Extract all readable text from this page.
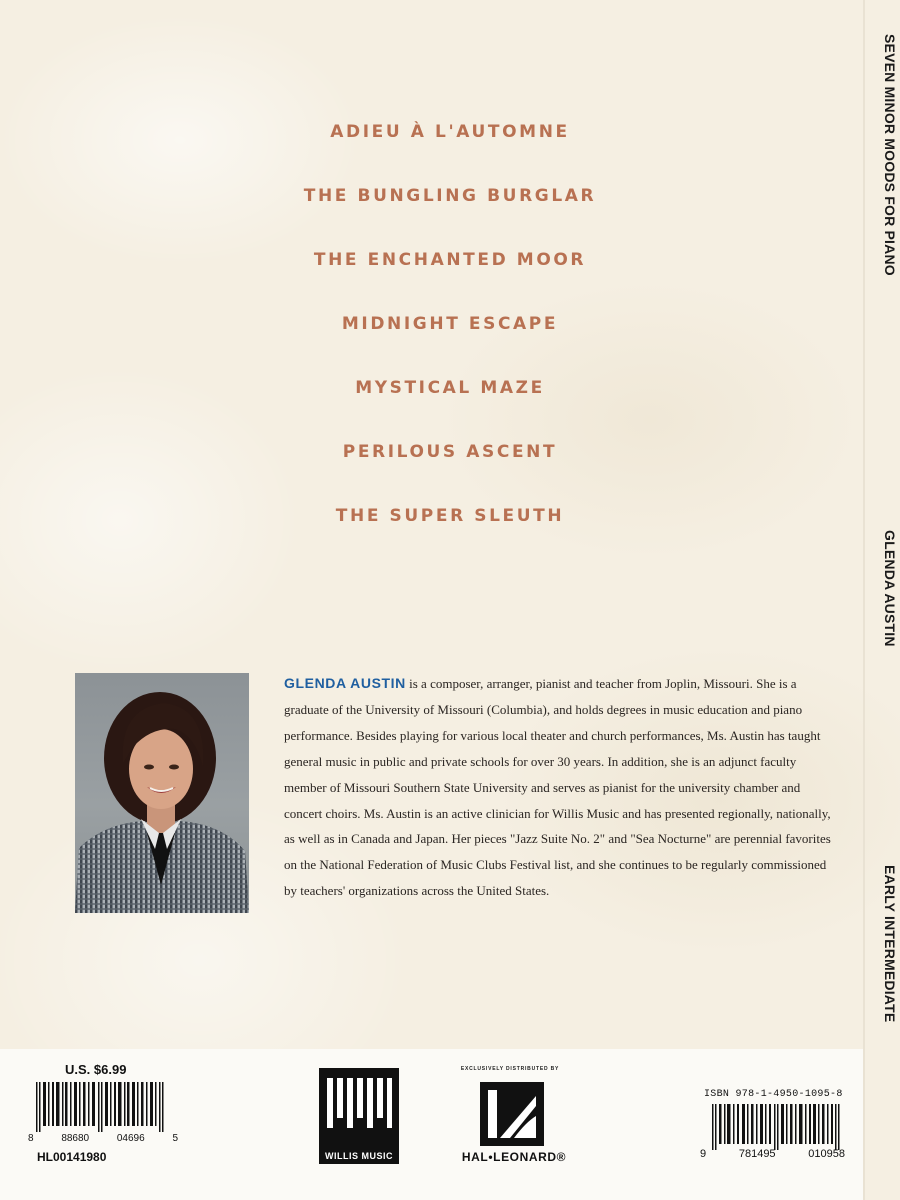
SEVEN MINOR MOODS FOR PIANO
GLENDA AUSTIN
EARLY INTERMEDIATE
ADIEU À L'AUTOMNE
THE BUNGLING BURGLAR
THE ENCHANTED MOOR
MIDNIGHT ESCAPE
MYSTICAL MAZE
PERILOUS ASCENT
THE SUPER SLEUTH
GLENDA AUSTIN is a composer, arranger, pianist and teacher from Joplin, Missouri. She is a graduate of the University of Missouri (Columbia), and holds degrees in music education and piano performance. Besides playing for various local theater and church performances, Ms. Austin has taught general music in public and private schools for over 30 years. In addition, she is an adjunct faculty member of Missouri Southern State University and serves as pianist for the university chamber and concert choirs. Ms. Austin is an active clinician for Willis Music and has presented regionally, nationally, as well as in Canada and Japan. Her pieces "Jazz Suite No. 2" and "Sea Nocturne" are perennial favorites on the National Federation of Music Clubs Festival list, and she continues to be regularly commissioned by teachers' organizations across the United States.
U.S. $6.99
8	88680	04696	5
HL00141980	WILLIS MUSIC
EXCLUSIVELY DISTRIBUTED BY
HAL•LEONARD®
ISBN 978-1-4950-1095-8
9	781495	010958
